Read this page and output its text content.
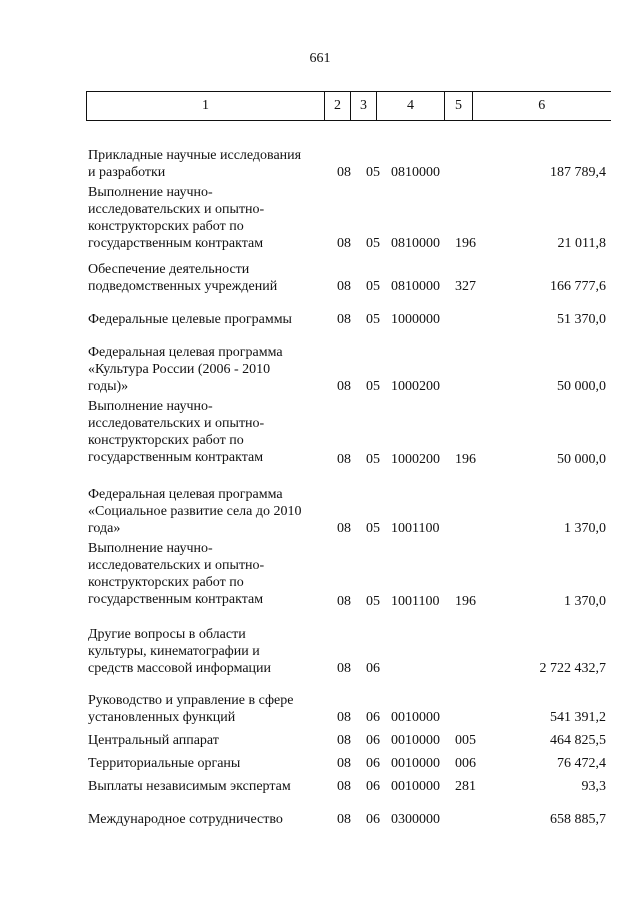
661
1	2	3	4	5	6
Прикладные научные исследования
и разработки	08 05 0810000	187 789,4
Выполнение научно-
исследовательских и опытно-
конструкторских работ по
государственным контрактам	08 05 0810000 196	21 011,8
Обеспечение деятельности
подведомственных учреждений	08 05 0810000 327	166 777,6
Федеральные целевые программы	08 05 1000000	51 370,0
Федеральная целевая программа
«Культура России (2006 - 2010
годы)»	08 05 1000200	50 000,0
Выполнение научно-
исследовательских и опытно-
конструкторских работ по
государственным контрактам	08 05 1000200 196	50 000,0
Федеральная целевая программа
«Социальное развитие села до 2010
года»	08 05 1001100	1 370,0
Выполнение научно-
исследовательских и опытно-
конструкторских работ по
государственным контрактам	08 05 1001100 196	1 370,0
Другие вопросы в области
культуры, кинематографии и
средств массовой информации	08 06	2 722 432,7
Руководство и управление в сфере
установленных функций	08 06 0010000	541 391,2
Центральный аппарат	08 06 0010000 005	464 825,5
Территориальные органы	08 06 0010000 006	76 472,4
Выплаты независимым экспертам	08 06 0010000 281	93,3
Международное сотрудничество	08 06 0300000	658 885,7
